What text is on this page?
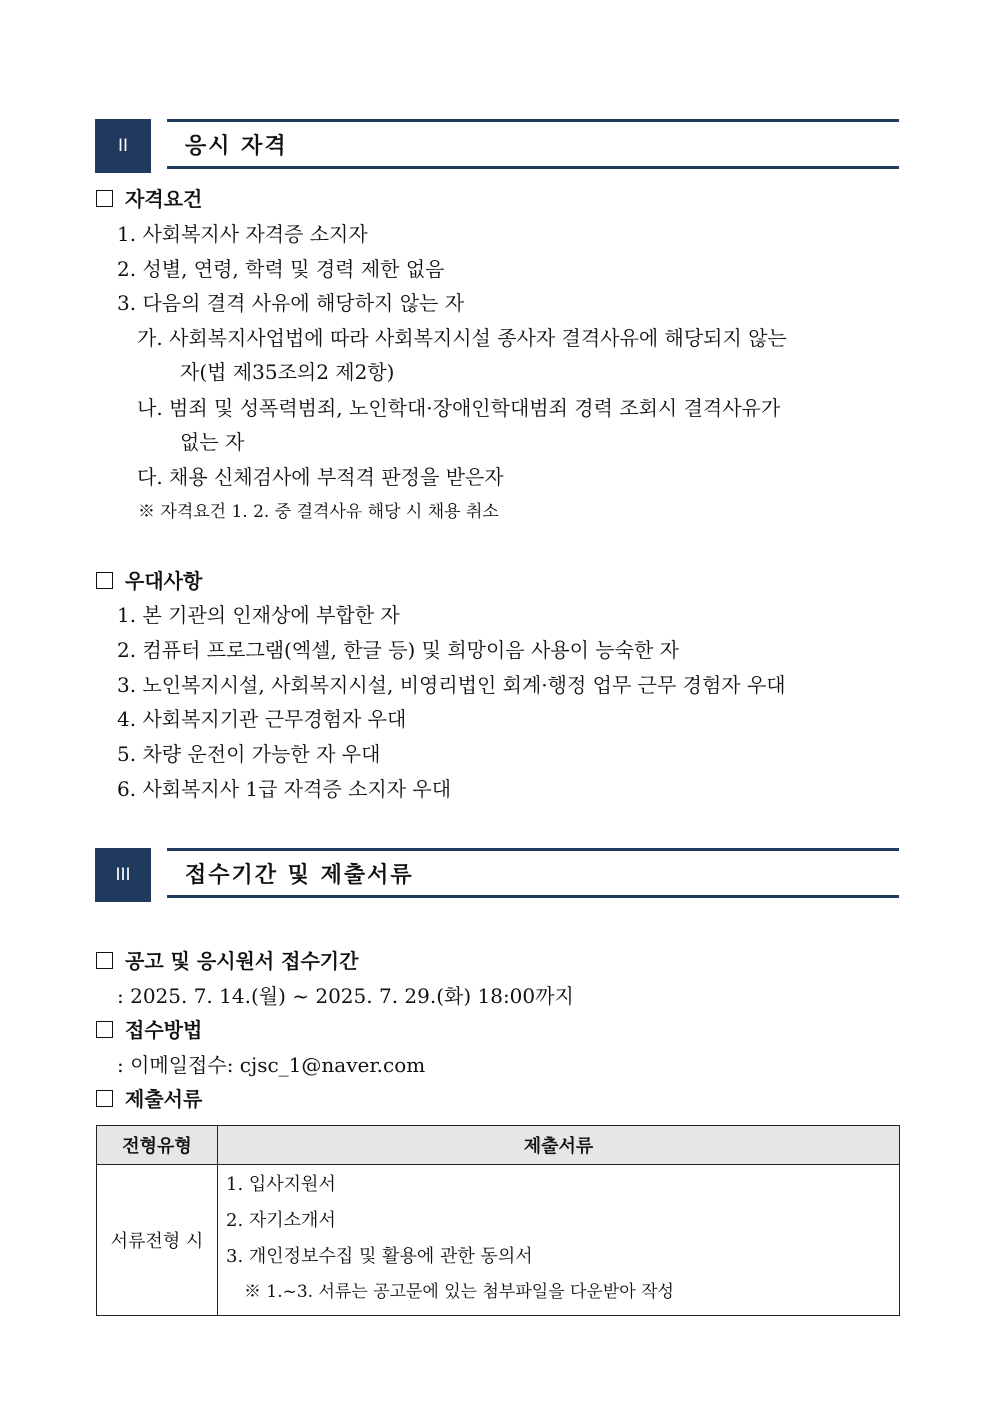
II	응시 자격
자격요건
1. 사회복지사 자격증 소지자
2. 성별, 연령, 학력 및 경력 제한 없음
3. 다음의 결격 사유에 해당하지 않는 자
가. 사회복지사업법에 따라 사회복지시설 종사자 결격사유에 해당되지 않는
자(법 제35조의2 제2항)
나. 범죄 및 성폭력범죄, 노인학대·장애인학대범죄 경력 조회시 결격사유가
없는 자
다. 채용 신체검사에 부적격 판정을 받은자
※ 자격요건 1. 2. 중 결격사유 해당 시 채용 취소
우대사항
1. 본 기관의 인재상에 부합한 자
2. 컴퓨터 프로그램(엑셀, 한글 등) 및 희망이음 사용이 능숙한 자
3. 노인복지시설, 사회복지시설, 비영리법인 회계·행정 업무 근무 경험자 우대
4. 사회복지기관 근무경험자 우대
5. 차량 운전이 가능한 자 우대
6. 사회복지사 1급 자격증 소지자 우대
III	접수기간 및 제출서류
공고 및 응시원서 접수기간
: 2025. 7. 14.(월) ~ 2025. 7. 29.(화) 18:00까지
접수방법
: 이메일접수: cjsc_1@naver.com
제출서류
전형유형	제출서류
서류전형 시	1. 입사지원서
2. 자기소개서
3. 개인정보수집 및 활용에 관한 동의서
※ 1.~3. 서류는 공고문에 있는 첨부파일을 다운받아 작성
